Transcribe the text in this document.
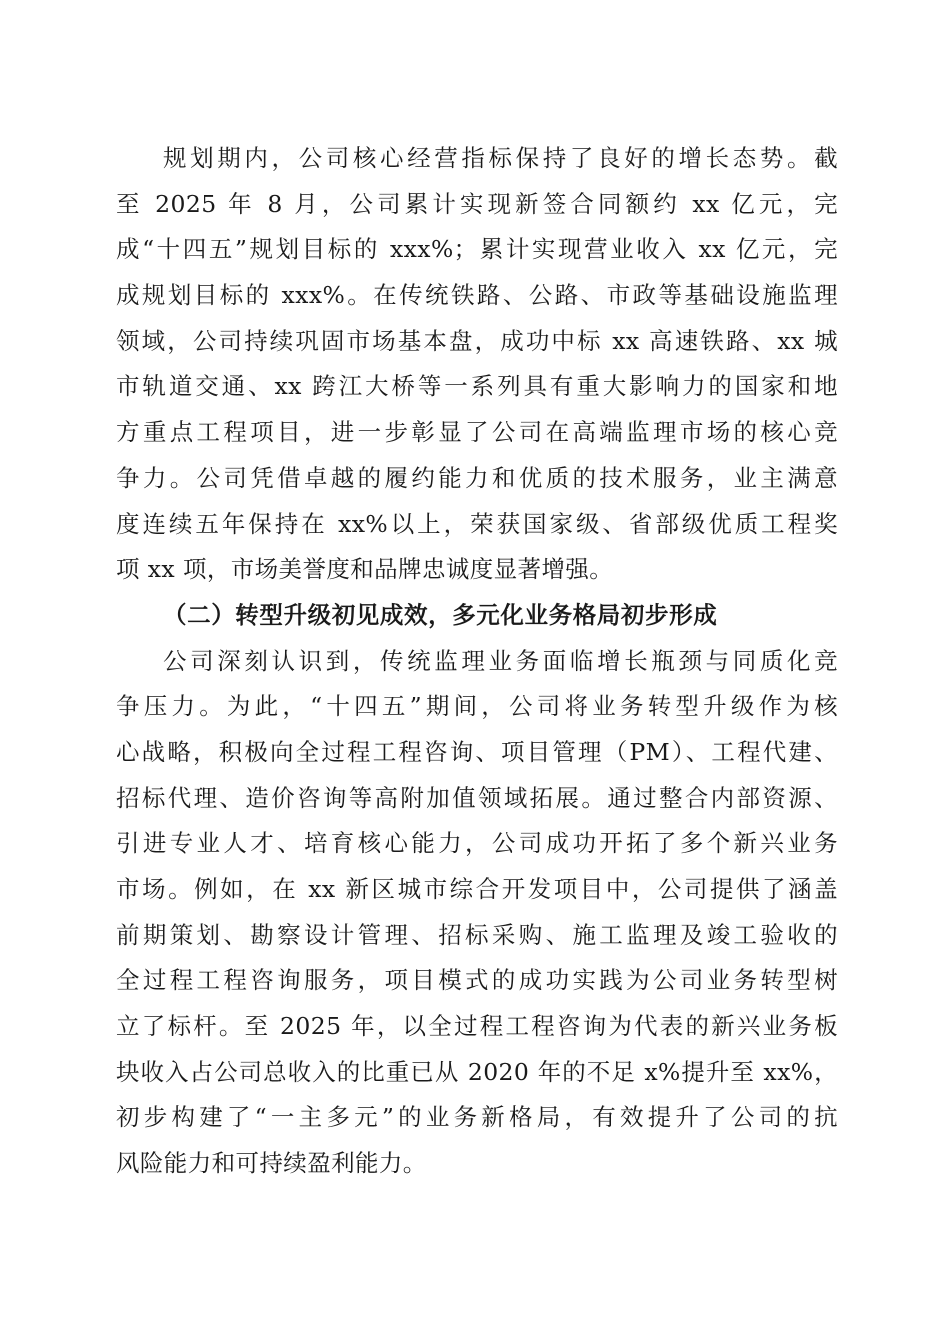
规划期内，公司核心经营指标保持了良好的增长态势。截
至 2025 年 8 月，公司累计实现新签合同额约 xx 亿元，完
成“十四五”规划目标的 xxx%；累计实现营业收入 xx 亿元，完
成规划目标的 xxx%。在传统铁路、公路、市政等基础设施监理
领域，公司持续巩固市场基本盘，成功中标 xx 高速铁路、xx 城
市轨道交通、xx 跨江大桥等一系列具有重大影响力的国家和地
方重点工程项目，进一步彰显了公司在高端监理市场的核心竞
争力。公司凭借卓越的履约能力和优质的技术服务，业主满意
度连续五年保持在 xx%以上，荣获国家级、省部级优质工程奖
项 xx 项，市场美誉度和品牌忠诚度显著增强。
（二）转型升级初见成效，多元化业务格局初步形成
公司深刻认识到，传统监理业务面临增长瓶颈与同质化竞
争压力。为此，“十四五”期间，公司将业务转型升级作为核
心战略，积极向全过程工程咨询、项目管理（PM）、工程代建、
招标代理、造价咨询等高附加值领域拓展。通过整合内部资源、
引进专业人才、培育核心能力，公司成功开拓了多个新兴业务
市场。例如，在 xx 新区城市综合开发项目中，公司提供了涵盖
前期策划、勘察设计管理、招标采购、施工监理及竣工验收的
全过程工程咨询服务，项目模式的成功实践为公司业务转型树
立了标杆。至 2025 年，以全过程工程咨询为代表的新兴业务板
块收入占公司总收入的比重已从 2020 年的不足 x%提升至 xx%，
初步构建了“一主多元”的业务新格局，有效提升了公司的抗
风险能力和可持续盈利能力。
